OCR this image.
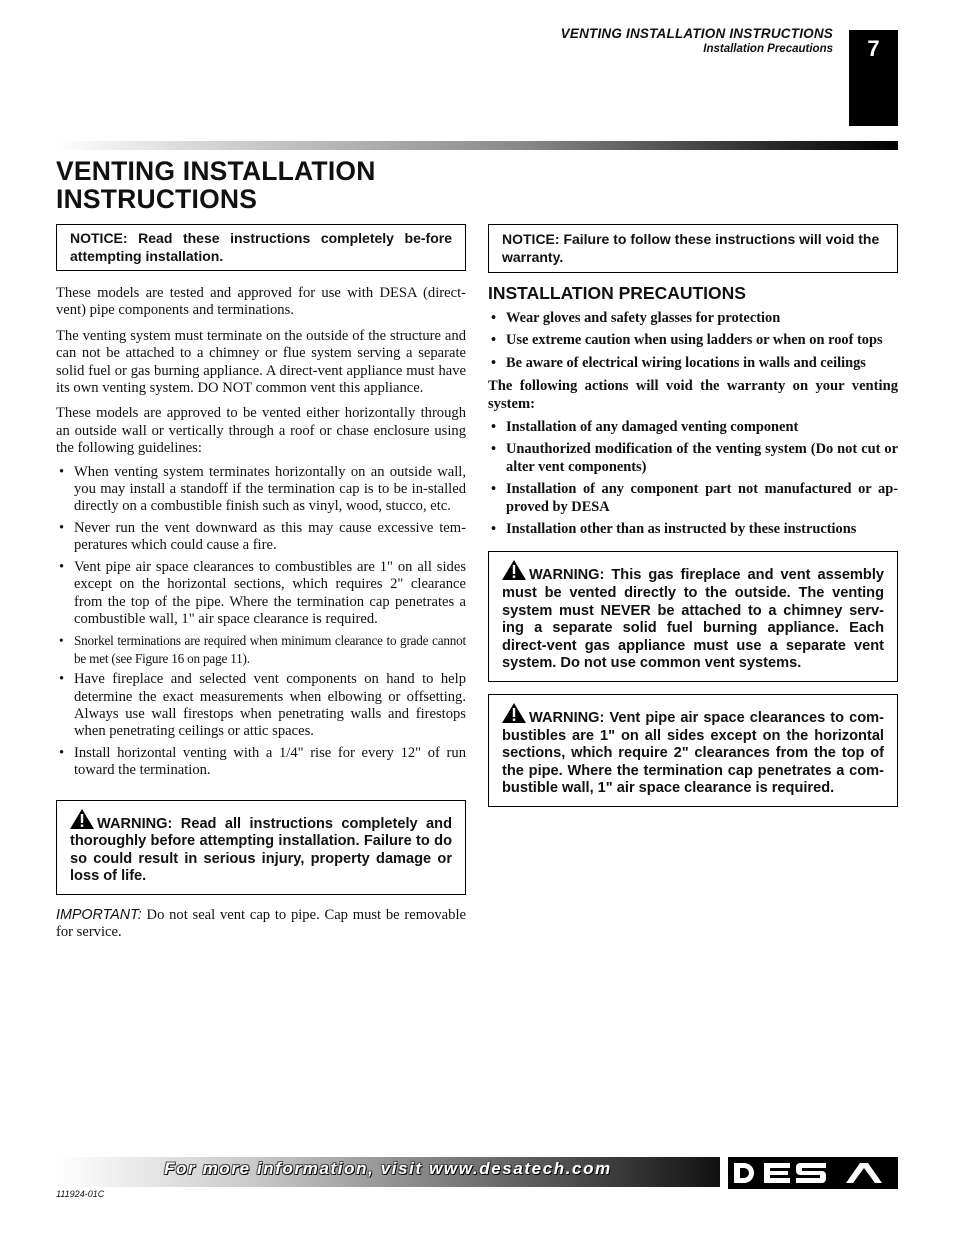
VENTING INSTALLATION INSTRUCTIONS
Installation Precautions	7
VENTING INSTALLATION
INSTRUCTIONS
NOTICE: Read these instructions completely be-fore attempting installation.

These models are tested and approved for use with DESA (direct-vent) pipe components and terminations.

The venting system must terminate on the outside of the structure and can not be attached to a chimney or flue system serving a separate solid fuel or gas burning appliance. A direct-vent appliance must have its own venting system. DO NOT common vent this appliance.

These models are approved to be vented either horizontally through an outside wall or vertically through a roof or chase enclosure using the following guidelines:

• When venting system terminates horizontally on an outside wall, you may install a standoff if the termination cap is to be in-stalled directly on a combustible finish such as vinyl, wood, stucco, etc.
• Never run the vent downward as this may cause excessive tem-peratures which could cause a fire.
• Vent pipe air space clearances to combustibles are 1" on all sides except on the horizontal sections, which requires 2" clearance from the top of the pipe. Where the termination cap penetrates a combustible wall, 1" air space clearance is required.
• Snorkel terminations are required when minimum clearance to grade cannot be met (see Figure 16 on page 11).
• Have fireplace and selected vent components on hand to help determine the exact measurements when elbowing or offsetting. Always use wall firestops when penetrating walls and firestops when penetrating ceilings or attic spaces.
• Install horizontal venting with a 1/4" rise for every 12" of run toward the termination.
WARNING: Read all instructions completely and thoroughly before attempting installation. Failure to do so could result in serious injury, property damage or loss of life.
IMPORTANT: Do not seal vent cap to pipe. Cap must be removable for service.
NOTICE: Failure to follow these instructions will void the warranty.
INSTALLATION PRECAUTIONS
• Wear gloves and safety glasses for protection
• Use extreme caution when using ladders or when on roof tops
• Be aware of electrical wiring locations in walls and ceilings

The following actions will void the warranty on your venting system:

• Installation of any damaged venting component
• Unauthorized modification of the venting system (Do not cut or alter vent components)
• Installation of any component part not manufactured or ap-proved by DESA
• Installation other than as instructed by these instructions
WARNING: This gas fireplace and vent assembly must be vented directly to the outside. The venting system must NEVER be attached to a chimney serv-ing a separate solid fuel burning appliance. Each direct-vent gas appliance must use a separate vent system. Do not use common vent systems.
WARNING: Vent pipe air space clearances to com-bustibles are 1" on all sides except on the horizontal sections, which require 2" clearances from the top of the pipe. Where the termination cap penetrates a com-bustible wall, 1" air space clearance is required.
For more information, visit www.desatech.com
111924-01C
